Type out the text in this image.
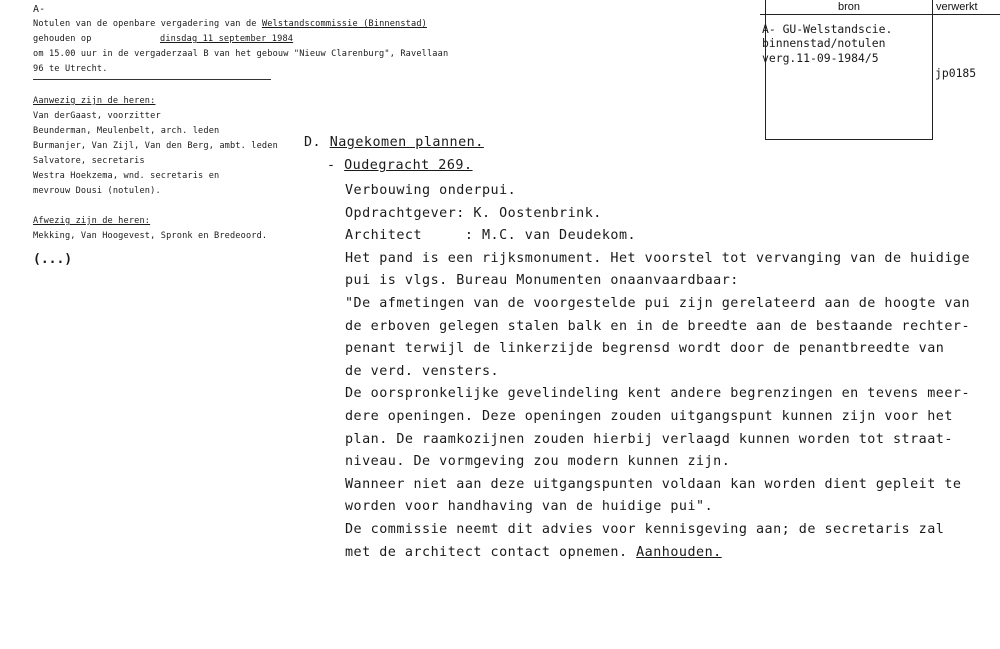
bron	verwerkt
A- GU-Welstandscie.
binnenstad/notulen
verg.11-09-1984/5
jp0185
A-
Notulen van de openbare vergadering van de Welstandscommissie (Binnenstad)
gehouden op	dinsdag 11 september 1984
om 15.00 uur in de vergaderzaal B van het gebouw "Nieuw Clarenburg", Ravellaan
96 te Utrecht.
Aanwezig zijn de heren:
Van derGaast, voorzitter
Beunderman, Meulenbelt, arch. leden
Burmanjer, Van Zijl, Van den Berg, ambt. leden
Salvatore, secretaris
Westra Hoekzema, wnd. secretaris en
mevrouw Dousi (notulen).
Afwezig zijn de heren:
Mekking, Van Hoogevest, Spronk en Bredeoord.
(...)
D. Nagekomen plannen.
- Oudegracht 269.
Verbouwing onderpui.
Opdrachtgever: K. Oostenbrink.
Architect     : M.C. van Deudekom.
Het pand is een rijksmonument. Het voorstel tot vervanging van de huidige
pui is vlgs. Bureau Monumenten onaanvaardbaar:
"De afmetingen van de voorgestelde pui zijn gerelateerd aan de hoogte van
de erboven gelegen stalen balk en in de breedte aan de bestaande rechter-
penant terwijl de linkerzijde begrensd wordt door de penantbreedte van
de verd. vensters.
De oorspronkelijke gevelindeling kent andere begrenzingen en tevens meer-
dere openingen. Deze openingen zouden uitgangspunt kunnen zijn voor het
plan. De raamkozijnen zouden hierbij verlaagd kunnen worden tot straat-
niveau. De vormgeving zou modern kunnen zijn.
Wanneer niet aan deze uitgangspunten voldaan kan worden dient gepleit te
worden voor handhaving van de huidige pui".
De commissie neemt dit advies voor kennisgeving aan; de secretaris zal
met de architect contact opnemen. Aanhouden.
